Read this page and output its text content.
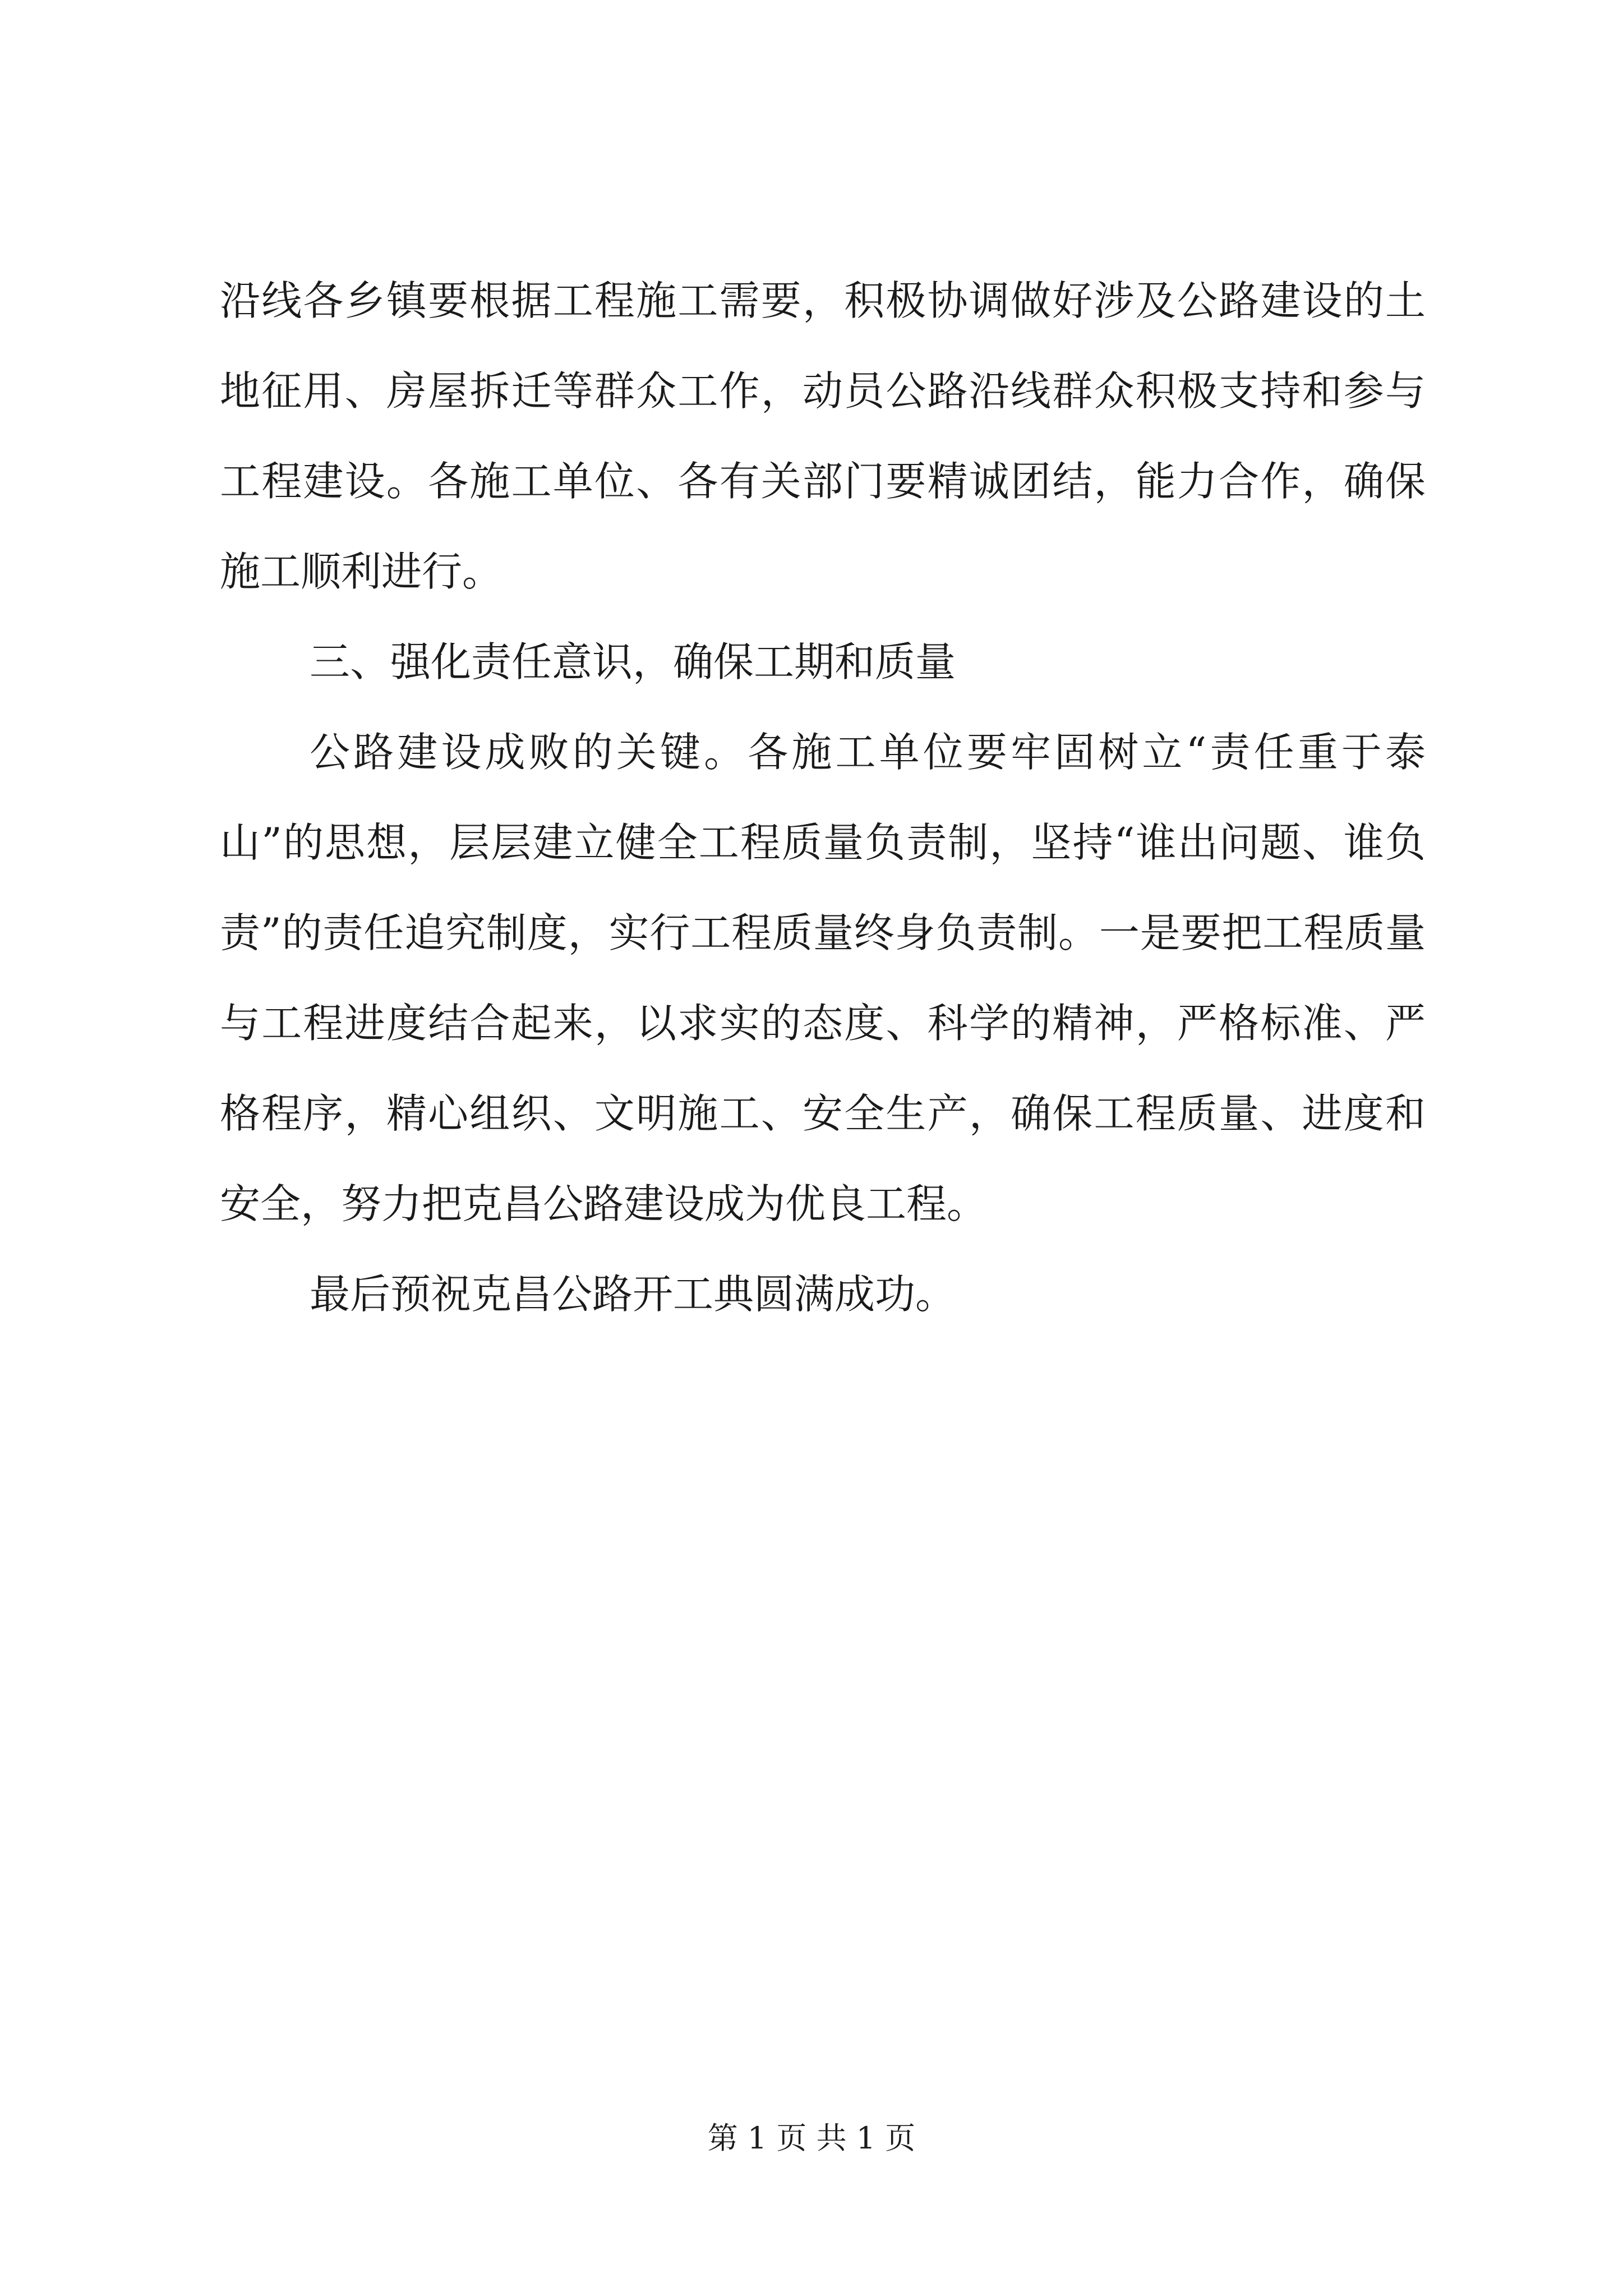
沿线各乡镇要根据工程施工需要，积极协调做好涉及公路建设的土地征用、房屋拆迁等群众工作，动员公路沿线群众积极支持和参与工程建设。各施工单位、各有关部门要精诚团结，能力合作，确保施工顺利进行。

三、强化责任意识，确保工期和质量

公路建设成败的关键。各施工单位要牢固树立“责任重于泰山”的思想，层层建立健全工程质量负责制，坚持“谁出问题、谁负责”的责任追究制度，实行工程质量终身负责制。一是要把工程质量与工程进度结合起来，以求实的态度、科学的精神，严格标准、严格程序，精心组织、文明施工、安全生产，确保工程质量、进度和安全，努力把克昌公路建设成为优良工程。

最后预祝克昌公路开工典圆满成功。

第 1 页 共 1 页
